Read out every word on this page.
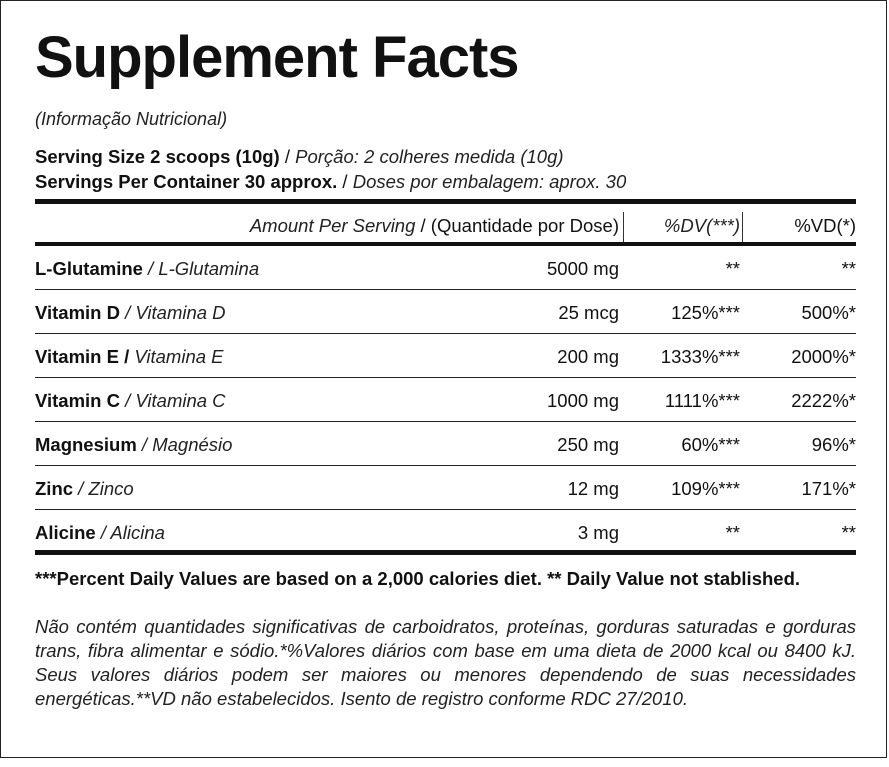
Supplement Facts
(Informação Nutricional)
Serving Size 2 scoops (10g) / Porção: 2 colheres medida (10g)
Servings Per Container 30 approx. / Doses por embalagem: aprox. 30
Amount Per Serving / (Quantidade por Dose) %DV(***)	%VD(*)
L-Glutamine / L-Glutamina	5000 mg	**	**
Vitamin D / Vitamina D	25 mcg	125%***	500%*
Vitamin E / Vitamina E	200 mg 1333%***	2000%*
Vitamin C / Vitamina C	1000 mg 1111%***	2222%*
Magnesium / Magnésio	250 mg	60%***	96%*
Zinc / Zinco	12 mg	109%***	171%*
Alicine / Alicina	3 mg	**	**
***Percent Daily Values are based on a 2,000 calories diet. ** Daily Value not stablished.
Não contém quantidades significativas de carboidratos, proteínas, gorduras saturadas e gorduras trans, fibra alimentar e sódio.*%Valores diários com base em uma dieta de 2000 kcal ou 8400 kJ. Seus valores diários podem ser maiores ou menores dependendo de suas necessidades energéticas.**VD não estabelecidos. Isento de registro conforme RDC 27/2010.
